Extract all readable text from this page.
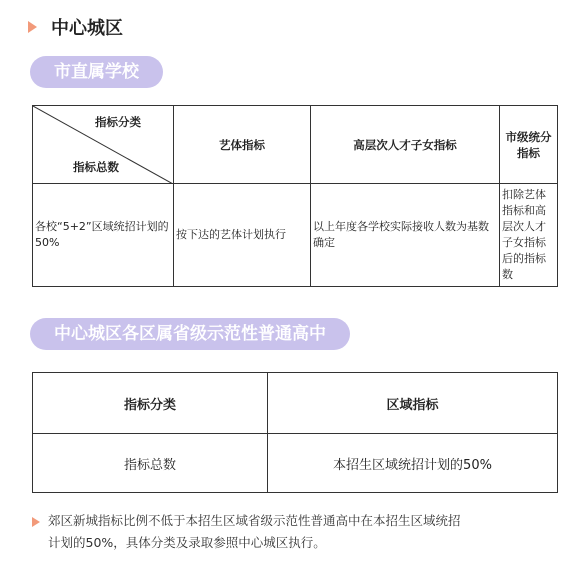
中心城区
市直属学校
指标分类
指标总数	艺体指标	高层次人才子女指标	市级统分指标
各校“5+2”区域统招计划的50%	按下达的艺体计划执行	以上年度各学校实际接收人数为基数确定	扣除艺体指标和高层次人才子女指标后的指标数
中心城区各区属省级示范性普通高中
指标分类	区域指标
指标总数	本招生区域统招计划的50%
郊区新城指标比例不低于本招生区域省级示范性普通高中在本招生区域统招
计划的50%，具体分类及录取参照中心城区执行。
